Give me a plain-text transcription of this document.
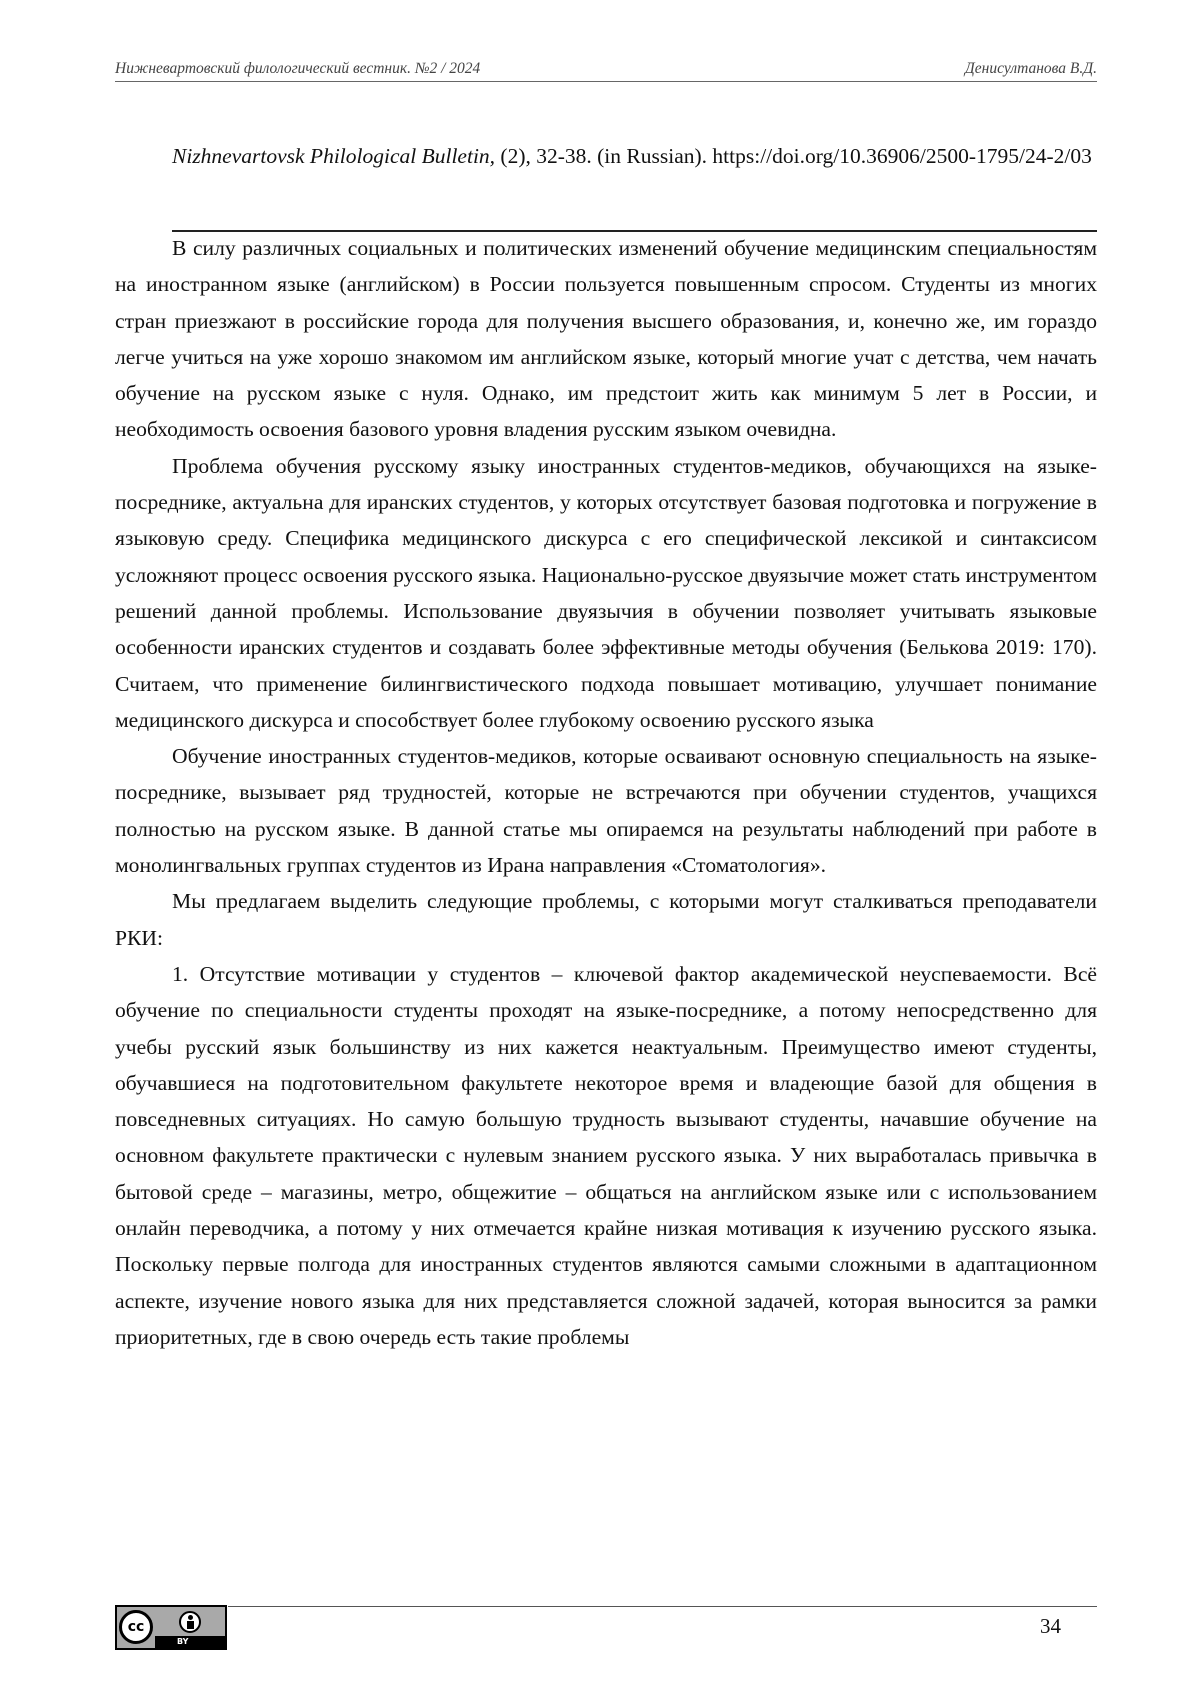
Нижневартовский филологический вестник. №2 / 2024	Денисултанова В.Д.
Nizhnevartovsk Philological Bulletin, (2), 32-38. (in Russian). https://doi.org/10.36906/2500-1795/24-2/03

В силу различных социальных и политических изменений обучение медицинским специальностям на иностранном языке (английском) в России пользуется повышенным спросом. Студенты из многих стран приезжают в российские города для получения высшего образования, и, конечно же, им гораздо легче учиться на уже хорошо знакомом им английском языке, который многие учат с детства, чем начать обучение на русском языке с нуля. Однако, им предстоит жить как минимум 5 лет в России, и необходимость освоения базового уровня владения русским языком очевидна.

Проблема обучения русскому языку иностранных студентов-медиков, обучающихся на языке-посреднике, актуальна для иранских студентов, у которых отсутствует базовая подготовка и погружение в языковую среду. Специфика медицинского дискурса с его специфической лексикой и синтаксисом усложняют процесс освоения русского языка. Национально-русское двуязычие может стать инструментом решений данной проблемы. Использование двуязычия в обучении позволяет учитывать языковые особенности иранских студентов и создавать более эффективные методы обучения (Белькова 2019: 170). Считаем, что применение билингвистического подхода повышает мотивацию, улучшает понимание медицинского дискурса и способствует более глубокому освоению русского языка

Обучение иностранных студентов-медиков, которые осваивают основную специальность на языке-посреднике, вызывает ряд трудностей, которые не встречаются при обучении студентов, учащихся полностью на русском языке. В данной статье мы опираемся на результаты наблюдений при работе в монолингвальных группах студентов из Ирана направления «Стоматология».

Мы предлагаем выделить следующие проблемы, с которыми могут сталкиваться преподаватели РКИ:

1. Отсутствие мотивации у студентов – ключевой фактор академической неуспеваемости. Всё обучение по специальности студенты проходят на языке-посреднике, а потому непосредственно для учебы русский язык большинству из них кажется неактуальным. Преимущество имеют студенты, обучавшиеся на подготовительном факультете некоторое время и владеющие базой для общения в повседневных ситуациях. Но самую большую трудность вызывают студенты, начавшие обучение на основном факультете практически с нулевым знанием русского языка. У них выработалась привычка в бытовой среде – магазины, метро, общежитие – общаться на английском языке или с использованием онлайн переводчика, а потому у них отмечается крайне низкая мотивация к изучению русского языка. Поскольку первые полгода для иностранных студентов являются самыми сложными в адаптационном аспекте, изучение нового языка для них представляется сложной задачей, которая выносится за рамки приоритетных, где в свою очередь есть такие проблемы

cc
BY
34
